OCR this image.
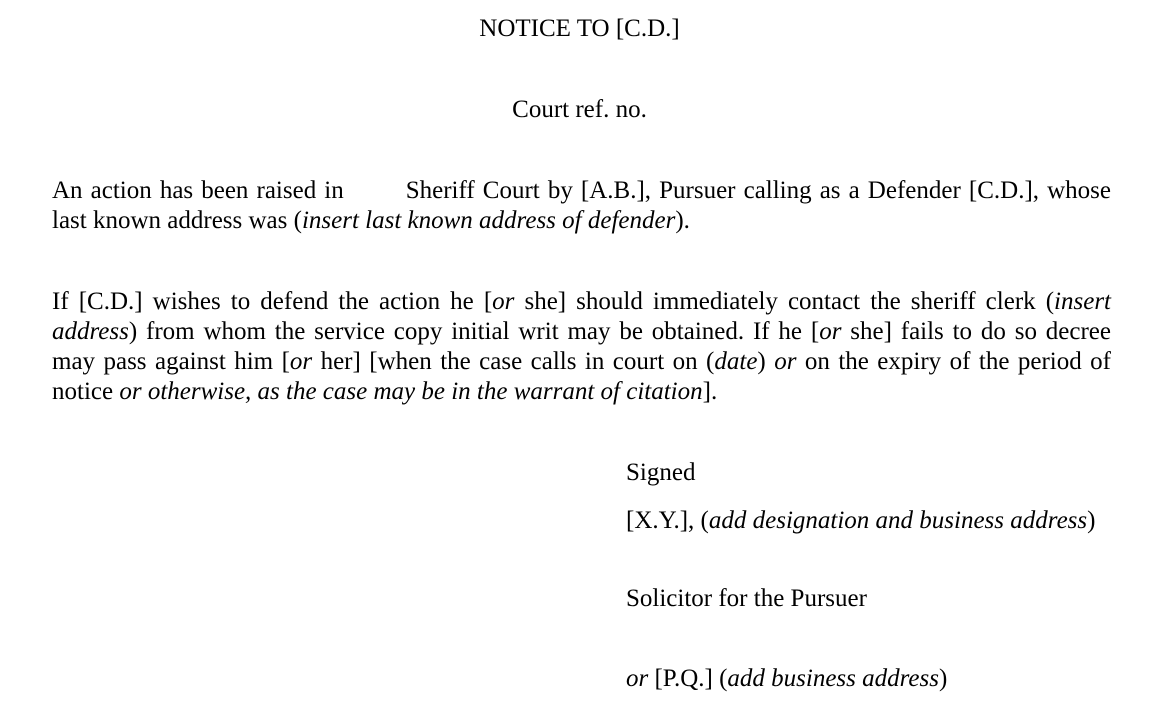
NOTICE TO [C.D.]
Court ref. no.
An action has been raised in Sheriff Court by [A.B.], Pursuer calling as a Defender [C.D.], whose last known address was (insert last known address of defender).
If [C.D.] wishes to defend the action he [or she] should immediately contact the sheriff clerk (insert address) from whom the service copy initial writ may be obtained. If he [or she] fails to do so decree may pass against him [or her] [when the case calls in court on (date) or on the expiry of the period of notice or otherwise, as the case may be in the warrant of citation].
Signed
[X.Y.], (add designation and business address)
Solicitor for the Pursuer
or [P.Q.] (add business address)
